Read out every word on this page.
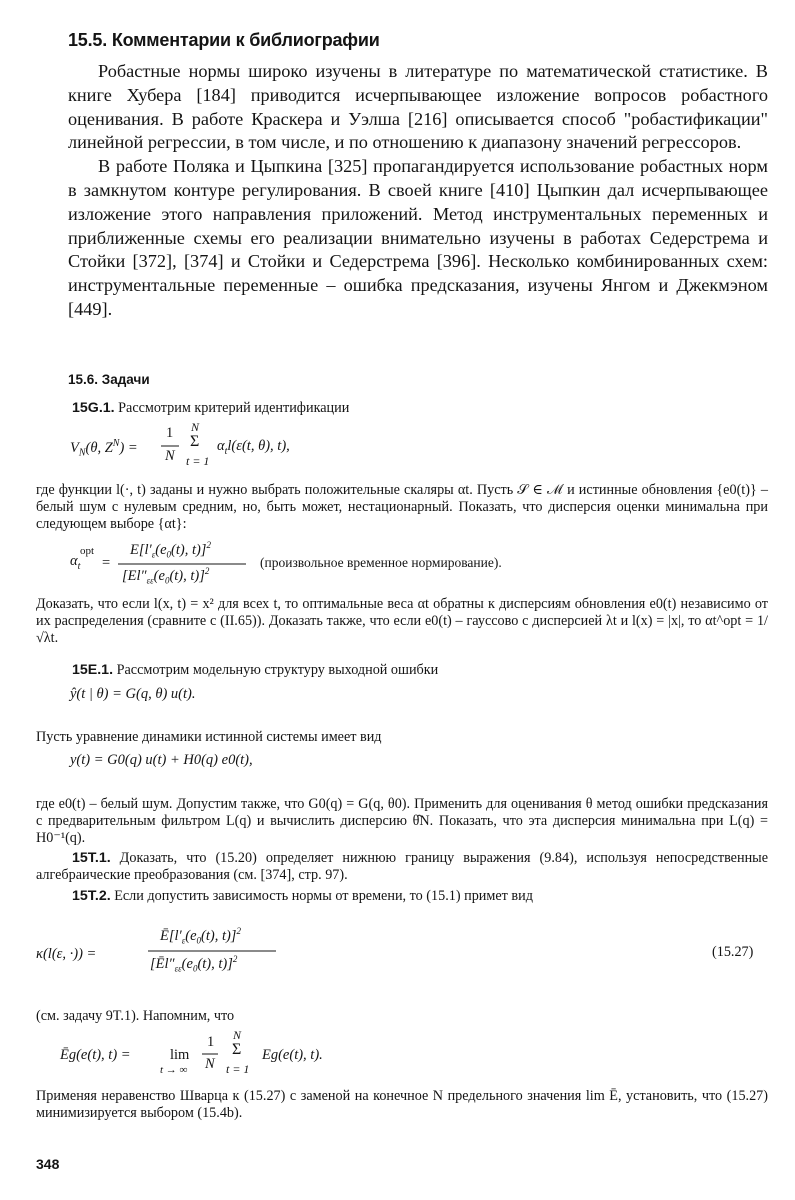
15.5. Комментарии к библиографии

Робастные нормы широко изучены в литературе по математической статистике. В книге Хубера [184] приводится исчерпывающее изложение вопросов робастного оценивания. В работе Краскера и Уэлша [216] описывается способ "робастификации" линейной регрессии, в том числе, и по отношению к диапазону значений регрессоров.

В работе Поляка и Цыпкина [325] пропагандируется использование робастных норм в замкнутом контуре регулирования. В своей книге [410] Цыпкин дал исчерпывающее изложение этого направления приложений. Метод инструментальных переменных и приближенные схемы его реализации внимательно изучены в работах Седерстрема и Стойки [372], [374] и Стойки и Седерстрема [396]. Несколько комбинированных схем: инструментальные переменные – ошибка предсказания, изучены Янгом и Джекмэном [449].

15.6. Задачи
15G.1. Рассмотрим критерий идентификации
$V_N(\theta$, $Z^N$) =
1
N
N
Σ
t = 1
$\alpha_tl(\varepsilon(t$, θ), t),
где функции l(·, t) заданы и нужно выбрать положительные скаляры αt. Пусть 𝒮 ∈ ℳ и истинные обновления {e0(t)} – белый шум с нулевым средним, но, быть может, нестационарный. Показать, что дисперсия оценки минимальна при следующем выборе {αt}:
$\alpha_t$
opt
=
$E[l'_\varepsilon(e_0(t)$, t)]$^2$
[$El''_{\varepsilon\varepsilon}(e_0(t)$, t)]$^2$
(произвольное временное нормирование).
Доказать, что если l(x, t) = x² для всех t, то оптимальные веса αt обратны к дисперсиям обновления e0(t) независимо от их распределения (сравните с (II.65)). Доказать также, что если e0(t) – гауссово с дисперсией λt и l(x) = |x|, то αt^opt = 1/√λt.
15E.1. Рассмотрим модельную структуру выходной ошибки
ŷ(t | θ) = G(q, θ) u(t).
Пусть уравнение динамики истинной системы имеет вид
y(t) = G0(q) u(t) + H0(q) e0(t),
где e0(t) – белый шум. Допустим также, что G0(q) = G(q, θ0). Применить для оценивания θ метод ошибки предсказания с предварительным фильтром L(q) и вычислить дисперсию θ̂N. Показать, что эта дисперсия минимальна при L(q) = H0⁻¹(q).
15T.1. Доказать, что (15.20) определяет нижнюю границу выражения (9.84), используя непосредственные алгебраические преобразования (см. [374], стр. 97).
15T.2. Если допустить зависимость нормы от времени, то (15.1) примет вид
κ(l(ε, ·)) =
$Ē[l'_\varepsilon(e_0(t)$, t)]$^2$
[$Ēl''_{\varepsilon\varepsilon}(e_0(t)$, t)]$^2$	(15.27)
(см. задачу 9T.1). Напомним, что
Ēg(e(t), t) =	lim
t → ∞
1
N
N
Σ
t = 1
Eg(e(t), t).
Применяя неравенство Шварца к (15.27) с заменой на конечное N предельного значения lim Ē, установить, что (15.27) минимизируется выбором (15.4b).
348
